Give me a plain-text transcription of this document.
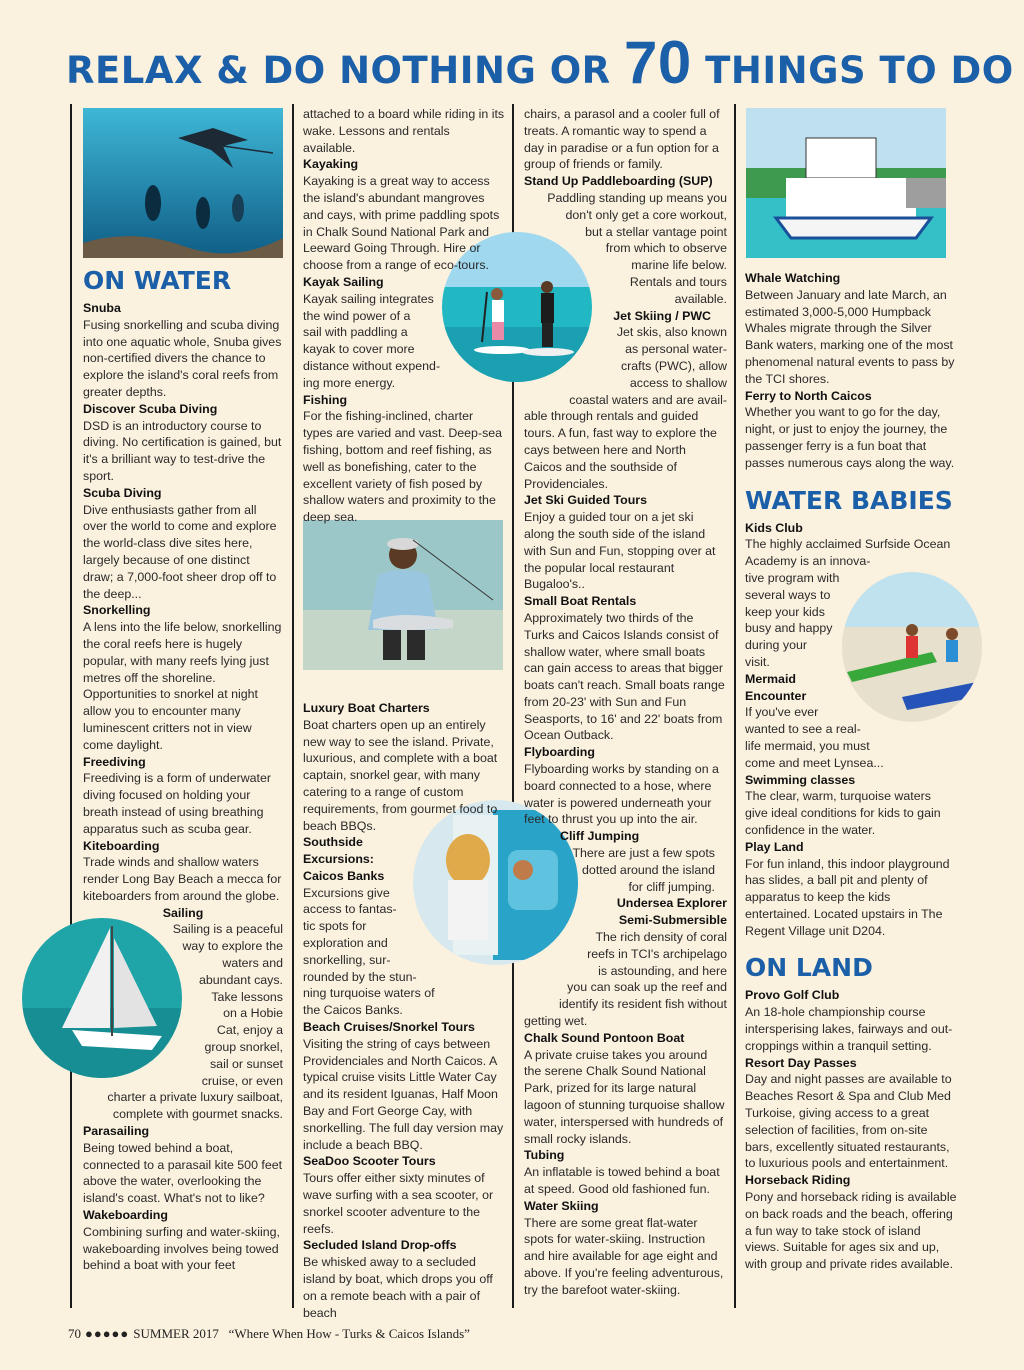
RELAX & DO NOTHING OR 70 THINGS TO DO
ON WATER

Snuba

Fusing snorkelling and scuba diving into one aquatic whole, Snuba gives non-certified divers the chance to explore the island's coral reefs from greater depths.

Discover Scuba Diving

DSD is an introductory course to diving. No certification is gained, but it's a brilliant way to test-drive the sport.

Scuba Diving

Dive enthusiasts gather from all over the world to come and explore the world-class dive sites here, largely because of one distinct draw; a 7,000-foot sheer drop off to the deep...

Snorkelling

A lens into the life below, snorkelling the coral reefs here is hugely popular, with many reefs lying just metres off the shoreline. Opportunities to snorkel at night allow you to encounter many luminescent critters not in view come daylight.

Freediving

Freediving is a form of underwater diving focused on holding your breath instead of using breathing apparatus such as scuba gear.

Kiteboarding

Trade winds and shallow waters render Long Bay Beach a mecca for kiteboarders from around the globe.

Sailing

Sailing is a peaceful

way to explore the

waters and

abundant cays.

Take lessons

on a Hobie

Cat, enjoy a

group snorkel,

sail or sunset

cruise, or even

charter a private luxury sailboat, complete with gourmet snacks.

Parasailing

Being towed behind a boat, connected to a parasail kite 500 feet above the water, overlooking the island's coast. What's not to like?

Wakeboarding

Combining surfing and water-skiing, wakeboarding involves being towed behind a boat with your feet

attached to a board while riding in its wake. Lessons and rentals available.

Kayaking

Kayaking is a great way to access the island's abundant mangroves and cays, with prime paddling spots in Chalk Sound National Park and Leeward Going Through. Hire or choose from a range of eco-tours.

Kayak Sailing

Kayak sailing integrates

the wind power of a

sail with paddling a

kayak to cover more

distance without expend-

ing more energy.

Fishing

For the fishing-inclined, charter types are varied and vast. Deep-sea fishing, bottom and reef fishing, as well as bonefishing, cater to the excellent variety of fish posed by shallow waters and proximity to the deep sea.

Luxury Boat Charters

Boat charters open up an entirely new way to see the island. Private, luxurious, and complete with a boat captain, snorkel gear, with many catering to a range of custom requirements, from gourmet food to beach BBQs.

Southside

Excursions:

Caicos Banks

Excursions give

access to fantas-

tic spots for

exploration and

snorkelling, sur-

rounded by the stun-

ning turquoise waters of

the Caicos Banks.

Beach Cruises/Snorkel Tours

Visiting the string of cays between Providenciales and North Caicos. A typical cruise visits Little Water Cay and its resident Iguanas, Half Moon Bay and Fort George Cay, with snorkelling. The full day version may include a beach BBQ.

SeaDoo Scooter Tours

Tours offer either sixty minutes of wave surfing with a sea scooter, or snorkel scooter adventure to the reefs.

Secluded Island Drop-offs

Be whisked away to a secluded island by boat, which drops you off on a remote beach with a pair of beach

chairs, a parasol and a cooler full of treats. A romantic way to spend a day in paradise or a fun option for a group of friends or family.

Stand Up Paddleboarding (SUP)

Paddling standing up means you

don't only get a core workout,

but a stellar vantage point

from which to observe

marine life below.

Rentals and tours

available.

Jet Skiing / PWC

Jet skis, also known

as personal water-

crafts (PWC), allow

access to shallow

coastal waters and are avail-

able through rentals and guided tours. A fun, fast way to explore the cays between here and North Caicos and the southside of Providenciales.

Jet Ski Guided Tours

Enjoy a guided tour on a jet ski along the south side of the island with Sun and Fun, stopping over at the popular local restaurant Bugaloo's..

Small Boat Rentals

Approximately two thirds of the Turks and Caicos Islands consist of shallow water, where small boats can gain access to areas that bigger boats can't reach. Small boats range from 20-23' with Sun and Fun Seasports, to 16' and 22' boats from Ocean Outback.

Flyboarding

Flyboarding works by standing on a board connected to a hose, where water is powered underneath your feet to thrust you up into the air.

Cliff Jumping

There are just a few spots

dotted around the island

for cliff jumping.

Undersea Explorer

Semi-Submersible

The rich density of coral

reefs in TCI's archipelago

is astounding, and here

you can soak up the reef and

identify its resident fish without

getting wet.

Chalk Sound Pontoon Boat

A private cruise takes you around the serene Chalk Sound National Park, prized for its large natural lagoon of stunning turquoise shallow water, interspersed with hundreds of small rocky islands.

Tubing

An inflatable is towed behind a boat at speed. Good old fashioned fun.

Water Skiing

There are some great flat-water spots for water-skiing. Instruction and hire available for age eight and above. If you're feeling adventurous, try the barefoot water-skiing.

Whale Watching

Between January and late March, an estimated 3,000-5,000 Humpback Whales migrate through the Silver Bank waters, marking one of the most phenomenal natural events to pass by the TCI shores.

Ferry to North Caicos

Whether you want to go for the day, night, or just to enjoy the journey, the passenger ferry is a fun boat that passes numerous cays along the way.

WATER BABIES

Kids Club

The highly acclaimed Surfside Ocean

Academy is an innova-

tive program with

several ways to

keep your kids

busy and happy

during your

visit.

Mermaid

Encounter

If you've ever

wanted to see a real-

life mermaid, you must

come and meet Lynsea...

Swimming classes

The clear, warm, turquoise waters give ideal conditions for kids to gain confidence in the water.

Play Land

For fun inland, this indoor playground has slides, a ball pit and plenty of apparatus to keep the kids entertained. Located upstairs in The Regent Village unit D204.

ON LAND

Provo Golf Club

An 18-hole championship course intersperising lakes, fairways and out-croppings within a tranquil setting.

Resort Day Passes

Day and night passes are available to Beaches Resort & Spa and Club Med Turkoise, giving access to a great selection of facilities, from on-site bars, excellently situated restaurants, to luxurious pools and entertainment.

Horseback Riding

Pony and horseback riding is available on back roads and the beach, offering a fun way to take stock of island views. Suitable for ages six and up, with group and private rides available.

70 ●●●●● SUMMER 2017 “Where When How - Turks & Caicos Islands”
